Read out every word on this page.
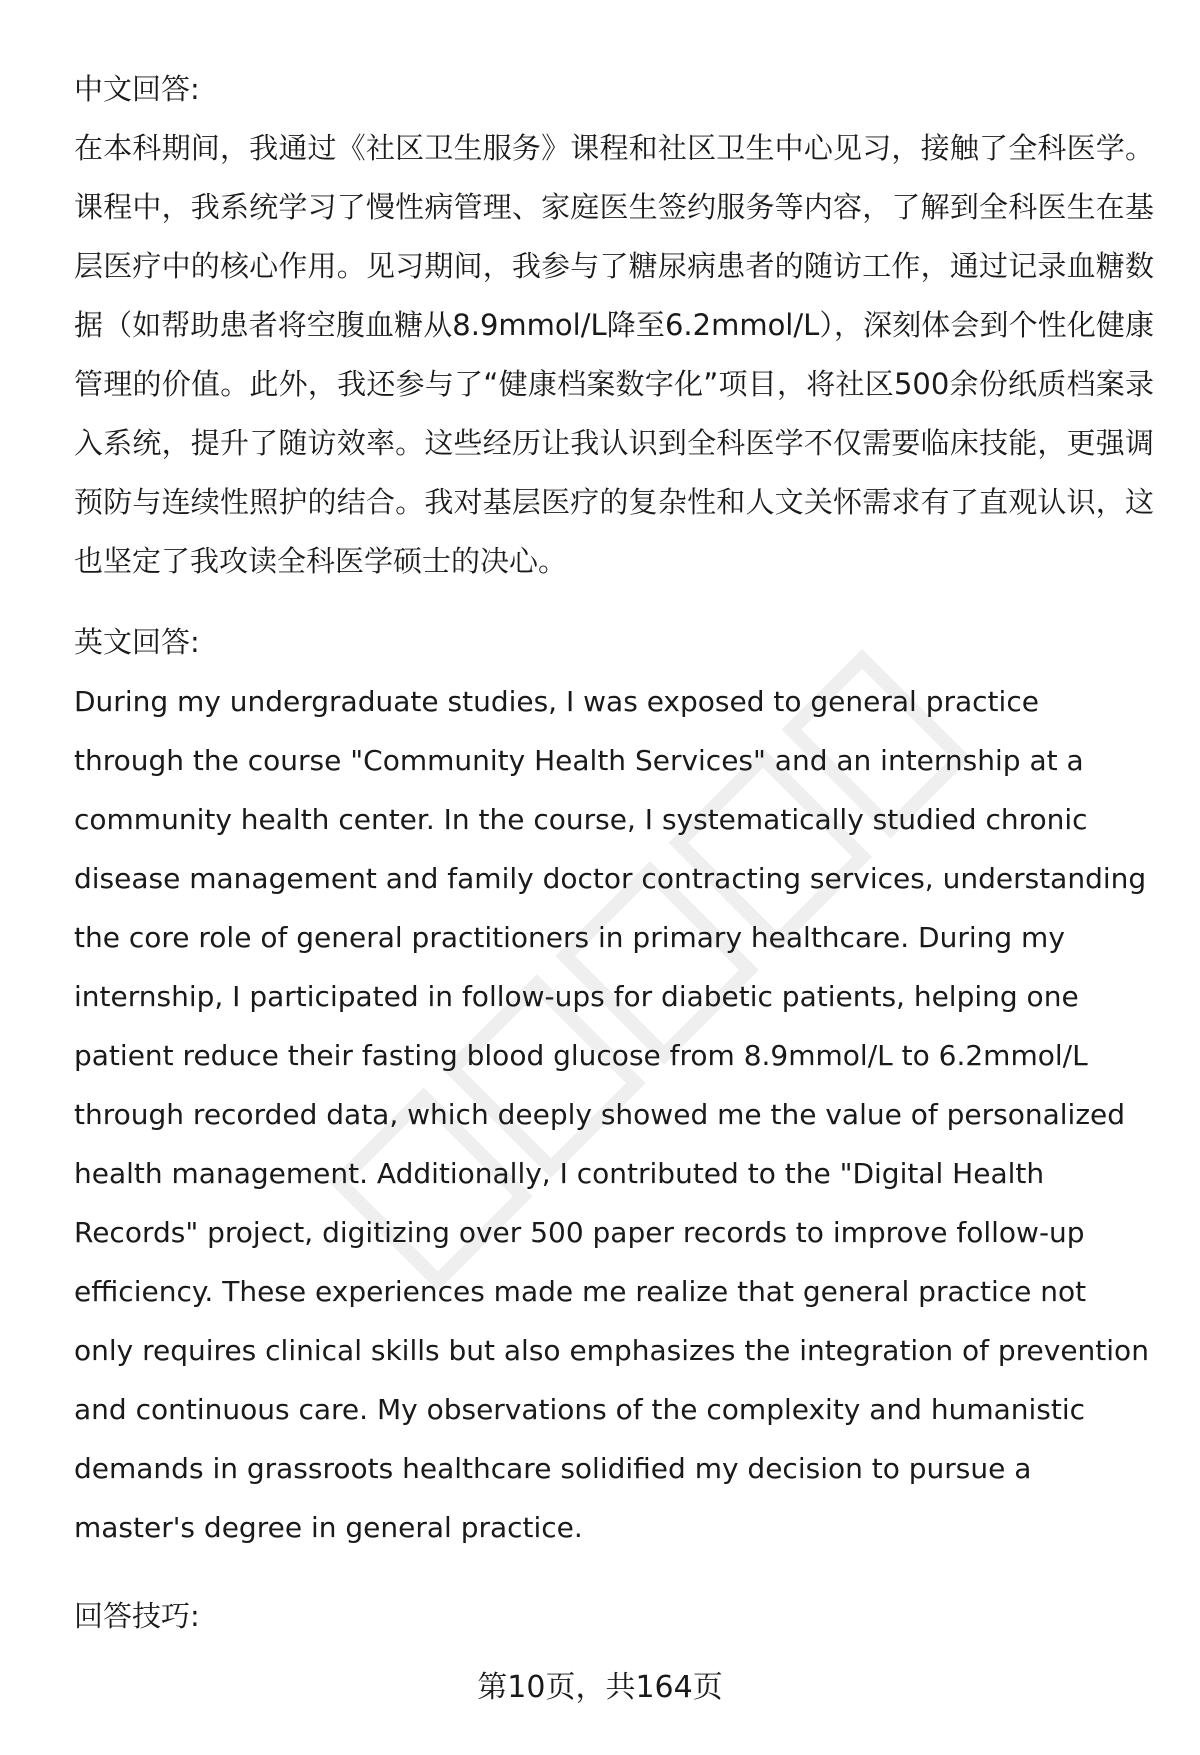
中文回答:

在本科期间，我通过《社区卫生服务》课程和社区卫生中心见习，接触了全科医学。课程中，我系统学习了慢性病管理、家庭医生签约服务等内容，了解到全科医生在基层医疗中的核心作用。见习期间，我参与了糖尿病患者的随访工作，通过记录血糖数据（如帮助患者将空腹血糖从8.9mmol/L降至6.2mmol/L），深刻体会到个性化健康管理的价值。此外，我还参与了“健康档案数字化”项目，将社区500余份纸质档案录入系统，提升了随访效率。这些经历让我认识到全科医学不仅需要临床技能，更强调预防与连续性照护的结合。我对基层医疗的复杂性和人文关怀需求有了直观认识，这也坚定了我攻读全科医学硕士的决心。

英文回答:

During my undergraduate studies, I was exposed to general practice through the course "Community Health Services" and an internship at a community health center. In the course, I systematically studied chronic disease management and family doctor contracting services, understanding the core role of general practitioners in primary healthcare. During my internship, I participated in follow-ups for diabetic patients, helping one patient reduce their fasting blood glucose from 8.9mmol/L to 6.2mmol/L through recorded data, which deeply showed me the value of personalized health management. Additionally, I contributed to the "Digital Health Records" project, digitizing over 500 paper records to improve follow-up efficiency. These experiences made me realize that general practice not only requires clinical skills but also emphasizes the integration of prevention and continuous care. My observations of the complexity and humanistic demands in grassroots healthcare solidified my decision to pursue a master's degree in general practice.

回答技巧:

第10页，共164页
